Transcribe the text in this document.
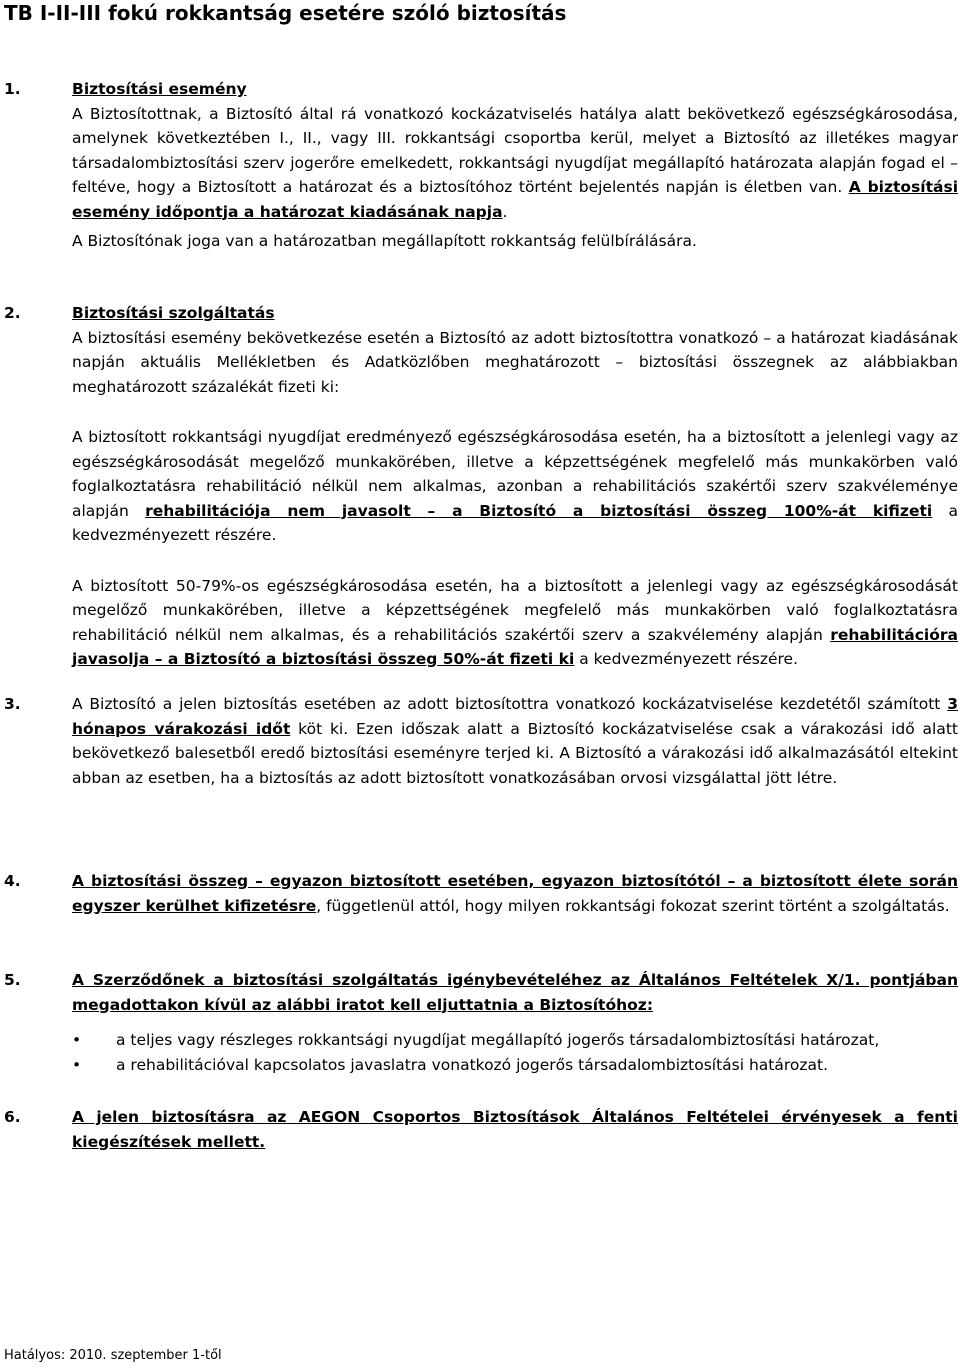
TB I-II-III fokú rokkantság esetére szóló biztosítás
1.	Biztosítási esemény

A Biztosítottnak, a Biztosító által rá vonatkozó kockázatviselés hatálya alatt bekövetkező egészségkárosodása, amelynek következtében I., II., vagy III. rokkantsági csoportba kerül, melyet a Biztosító az illetékes magyar társadalombiztosítási szerv jogerőre emelkedett, rokkantsági nyugdíjat megállapító határozata alapján fogad el – feltéve, hogy a Biztosított a határozat és a biztosítóhoz történt bejelentés napján is életben van. A biztosítási esemény időpontja a határozat kiadásának napja.

A Biztosítónak joga van a határozatban megállapított rokkantság felülbírálására.

2.	Biztosítási szolgáltatás

A biztosítási esemény bekövetkezése esetén a Biztosító az adott biztosítottra vonatkozó – a határozat kiadásának napján aktuális Mellékletben és Adatközlőben meghatározott – biztosítási összegnek az alábbiakban meghatározott százalékát fizeti ki:

A biztosított rokkantsági nyugdíjat eredményező egészségkárosodása esetén, ha a biztosított a jelenlegi vagy az egészségkárosodását megelőző munkakörében, illetve a képzettségének megfelelő más munkakörben való foglalkoztatásra rehabilitáció nélkül nem alkalmas, azonban a rehabilitációs szakértői szerv szakvéleménye alapján rehabilitációja nem javasolt – a Biztosító a biztosítási összeg 100%-át kifizeti a kedvezményezett részére.

A biztosított 50-79%-os egészségkárosodása esetén, ha a biztosított a jelenlegi vagy az egészségkárosodását megelőző munkakörében, illetve a képzettségének megfelelő más munkakörben való foglalkoztatásra rehabilitáció nélkül nem alkalmas, és a rehabilitációs szakértői szerv a szakvélemény alapján rehabilitációra javasolja – a Biztosító a biztosítási összeg 50%-át fizeti ki a kedvezményezett részére.

3.	A Biztosító a jelen biztosítás esetében az adott biztosítottra vonatkozó kockázatviselése kezdetétől számított 3 hónapos várakozási időt köt ki. Ezen időszak alatt a Biztosító kockázatviselése csak a várakozási idő alatt bekövetkező balesetből eredő biztosítási eseményre terjed ki. A Biztosító a várakozási idő alkalmazásától eltekint abban az esetben, ha a biztosítás az adott biztosított vonatkozásában orvosi vizsgálattal jött létre.

4.	A biztosítási összeg – egyazon biztosított esetében, egyazon biztosítótól – a biztosított élete során egyszer kerülhet kifizetésre, függetlenül attól, hogy milyen rokkantsági fokozat szerint történt a szolgáltatás.

5.	A Szerződőnek a biztosítási szolgáltatás igénybevételéhez az Általános Feltételek X/1. pontjában megadottakon kívül az alábbi iratot kell eljuttatnia a Biztosítóhoz:

• a teljes vagy részleges rokkantsági nyugdíjat megállapító jogerős társadalombiztosítási határozat,
• a rehabilitációval kapcsolatos javaslatra vonatkozó jogerős társadalombiztosítási határozat.
6.	A jelen biztosításra az AEGON Csoportos Biztosítások Általános Feltételei érvényesek a fenti kiegészítések mellett.

Hatályos: 2010. szeptember 1-től
